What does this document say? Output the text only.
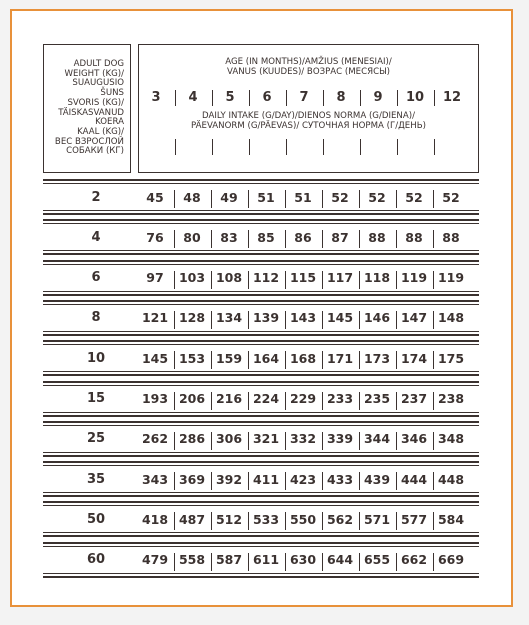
ADULT DOG
WEIGHT (KG)/
SUAUGUSIO
ŠUNS
SVORIS (KG)/
TÄISKASVANUD
KOERA
KAAL (KG)/
ВЕС ВЗРОСЛОЙ
СОБАКИ (КГ)
AGE (IN MONTHS)/AMŽIUS (MENESIAI)/
VANUS (KUUDES)/ ВОЗРАС (МЕСЯСЫ)
3	4	5	6	7	8	9	10	12
DAILY INTAKE (G/DAY)/DIENOS NORMA (G/DIENA)/
PÄEVANORM (G/PÄEVAS)/ СУТОЧНАЯ НОРМА (Г/ДЕНЬ)
2	45	48	49	51	51	52	52	52	52
4	76	80	83	85	86	87	88	88	88
6	97	103 108 112 115 117 118 119 119
8	121 128 134 139 143 145 146 147 148
10	145 153 159 164 168 171 173 174 175
15	193 206 216 224 229 233 235 237 238
25	262 286 306 321 332 339 344 346 348
35	343 369 392 411 423 433 439 444 448
50	418 487 512 533 550 562 571 577 584
60	479 558 587 611 630 644 655 662 669
